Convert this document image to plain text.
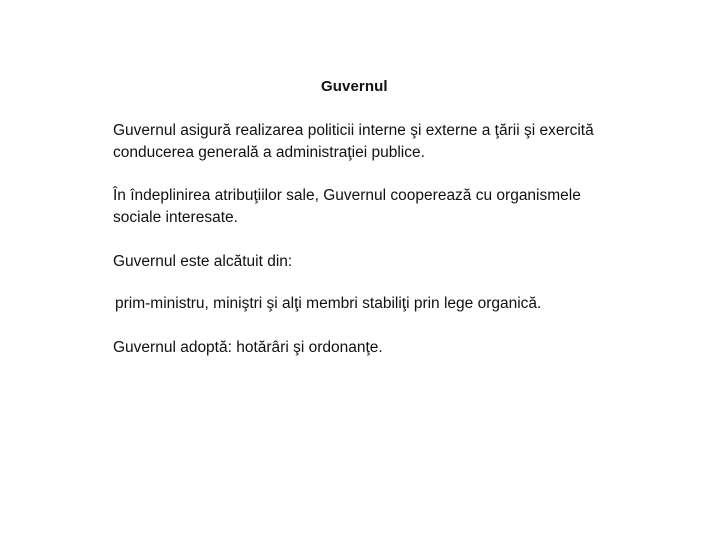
Guvernul

Guvernul asigură realizarea politicii interne şi externe a ţării şi exercită conducerea generală a administraţiei publice.

În îndeplinirea atribuţiilor sale, Guvernul cooperează cu organismele sociale interesate.

Guvernul este alcătuit din:

prim-ministru, miniştri şi alţi membri stabiliţi prin lege organică.

Guvernul adoptă: hotărâri şi ordonanţe.
